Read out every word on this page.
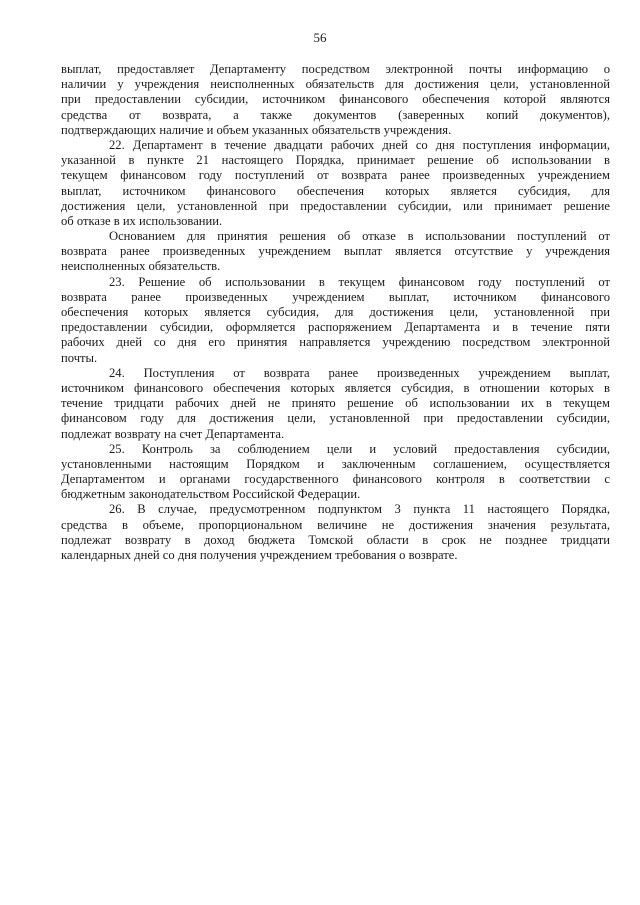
56
выплат, предоставляет Департаменту посредством электронной почты информацию о
наличии у учреждения неисполненных обязательств для достижения цели, установленной
при предоставлении субсидии, источником финансового обеспечения которой являются
средства от возврата, а также документов (заверенных копий документов),
подтверждающих наличие и объем указанных обязательств учреждения.
22. Департамент в течение двадцати рабочих дней со дня поступления информации,
указанной в пункте 21 настоящего Порядка, принимает решение об использовании в
текущем финансовом году поступлений от возврата ранее произведенных учреждением
выплат, источником финансового обеспечения которых является субсидия, для
достижения цели, установленной при предоставлении субсидии, или принимает решение
об отказе в их использовании.
Основанием для принятия решения об отказе в использовании поступлений от
возврата ранее произведенных учреждением выплат является отсутствие у учреждения
неисполненных обязательств.
23. Решение об использовании в текущем финансовом году поступлений от
возврата ранее произведенных учреждением выплат, источником финансового
обеспечения которых является субсидия, для достижения цели, установленной при
предоставлении субсидии, оформляется распоряжением Департамента и в течение пяти
рабочих дней со дня его принятия направляется учреждению посредством электронной
почты.
24. Поступления от возврата ранее произведенных учреждением выплат,
источником финансового обеспечения которых является субсидия, в отношении которых в
течение тридцати рабочих дней не принято решение об использовании их в текущем
финансовом году для достижения цели, установленной при предоставлении субсидии,
подлежат возврату на счет Департамента.
25. Контроль за соблюдением цели и условий предоставления субсидии,
установленными настоящим Порядком и заключенным соглашением, осуществляется
Департаментом и органами государственного финансового контроля в соответствии с
бюджетным законодательством Российской Федерации.
26. В случае, предусмотренном подпунктом 3 пункта 11 настоящего Порядка,
средства в объеме, пропорциональном величине не достижения значения результата,
подлежат возврату в доход бюджета Томской области в срок не позднее тридцати
календарных дней со дня получения учреждением требования о возврате.
